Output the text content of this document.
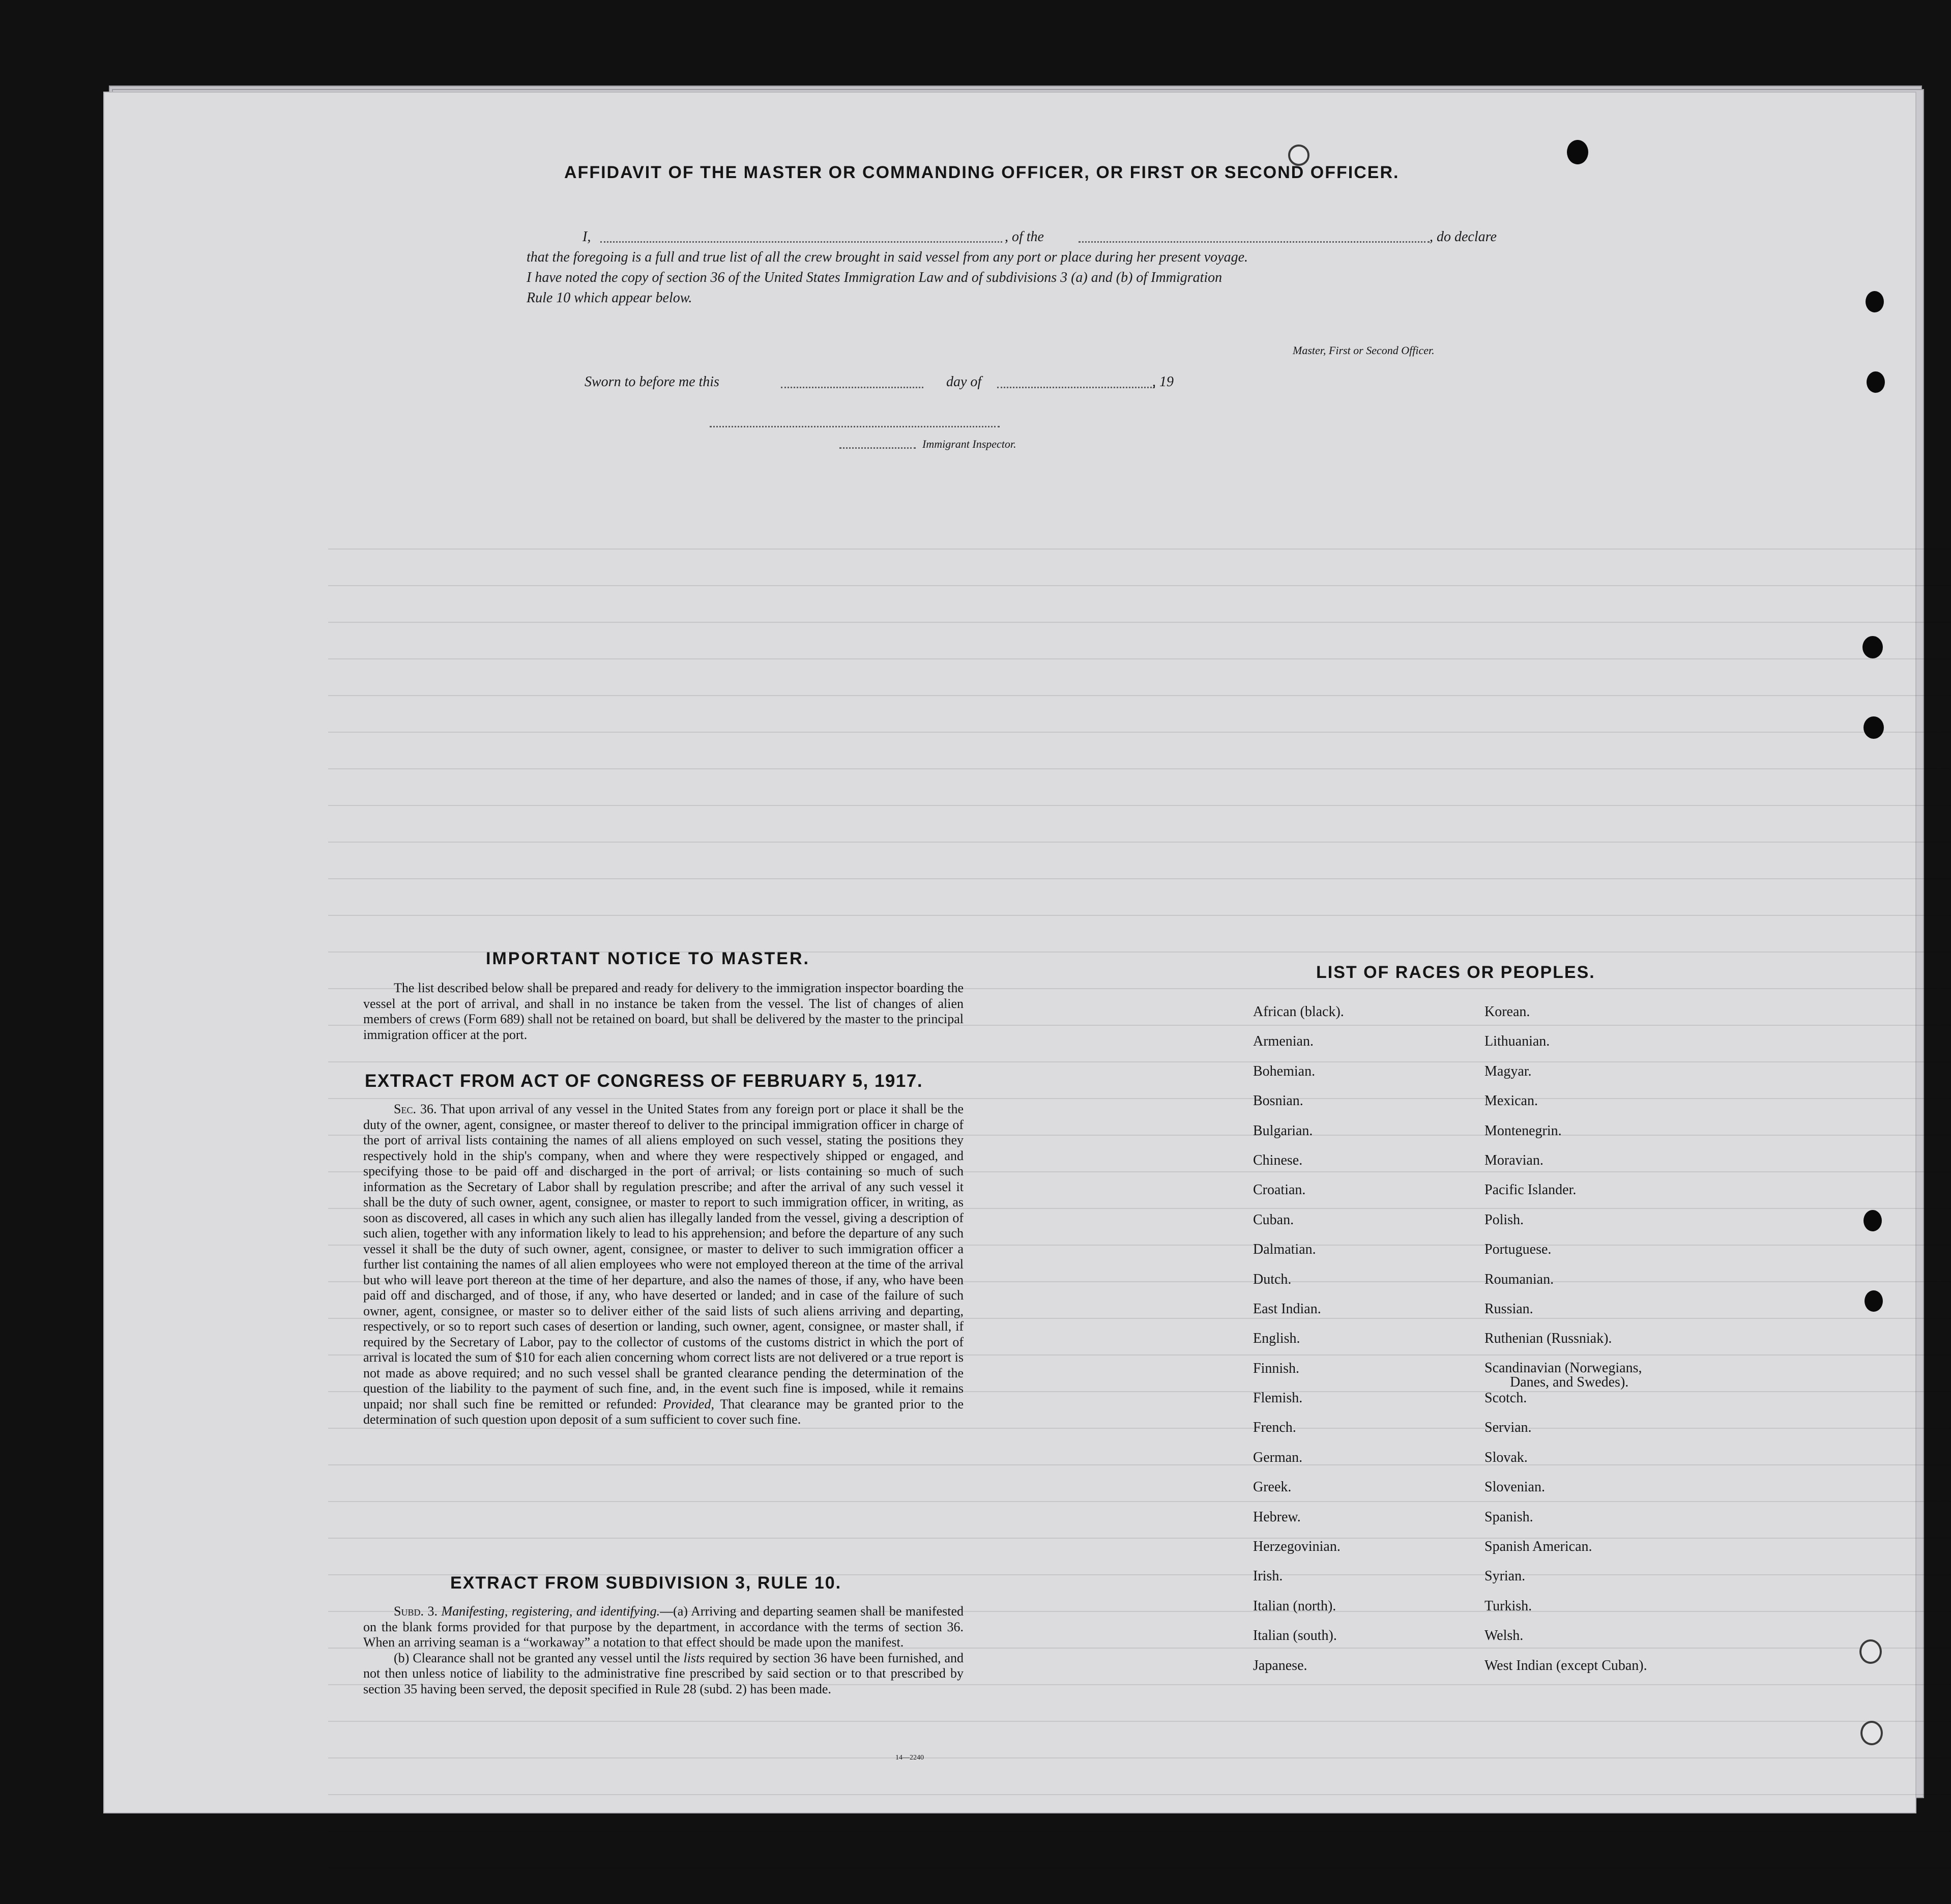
AFFIDAVIT OF THE MASTER OR COMMANDING OFFICER, OR FIRST OR SECOND OFFICER.
I,	, of the	, do declare
that the foregoing is a full and true list of all the crew brought in said vessel from any port or place during her present voyage.
I have noted the copy of section 36 of the United States Immigration Law and of subdivisions 3 (a) and (b) of Immigration
Rule 10 which appear below.
Master, First or Second Officer.
Sworn to before me this	day of	, 19
Immigrant Inspector.
IMPORTANT NOTICE TO MASTER.

The list described below shall be prepared and ready for delivery to the immigration inspector boarding the vessel at the port of arrival, and shall in no instance be taken from the vessel. The list of changes of alien members of crews (Form 689) shall not be retained on board, but shall be delivered by the master to the principal immigration officer at the port.

EXTRACT FROM ACT OF CONGRESS OF FEBRUARY 5, 1917.

Sec. 36. That upon arrival of any vessel in the United States from any foreign port or place it shall be the duty of the owner, agent, consignee, or master thereof to deliver to the principal immigration officer in charge of the port of arrival lists containing the names of all aliens employed on such vessel, stating the positions they respectively hold in the ship's company, when and where they were respectively shipped or engaged, and specifying those to be paid off and discharged in the port of arrival; or lists containing so much of such information as the Secretary of Labor shall by regulation prescribe; and after the arrival of any such vessel it shall be the duty of such owner, agent, consignee, or master to report to such immigration officer, in writing, as soon as discovered, all cases in which any such alien has illegally landed from the vessel, giving a description of such alien, together with any information likely to lead to his apprehension; and before the departure of any such vessel it shall be the duty of such owner, agent, consignee, or master to deliver to such immigration officer a further list containing the names of all alien employees who were not employed thereon at the time of the arrival but who will leave port thereon at the time of her departure, and also the names of those, if any, who have been paid off and discharged, and of those, if any, who have deserted or landed; and in case of the failure of such owner, agent, consignee, or master so to deliver either of the said lists of such aliens arriving and departing, respectively, or so to report such cases of desertion or landing, such owner, agent, consignee, or master shall, if required by the Secretary of Labor, pay to the collector of customs of the customs district in which the port of arrival is located the sum of $10 for each alien concerning whom correct lists are not delivered or a true report is not made as above required; and no such vessel shall be granted clearance pending the determination of the question of the liability to the payment of such fine, and, in the event such fine is imposed, while it remains unpaid; nor shall such fine be remitted or refunded: Provided, That clearance may be granted prior to the determination of such question upon deposit of a sum sufficient to cover such fine.

EXTRACT FROM SUBDIVISION 3, RULE 10.

Subd. 3. Manifesting, registering, and identifying.—(a) Arriving and departing seamen shall be manifested on the blank forms provided for that purpose by the department, in accordance with the terms of section 36. When an arriving seaman is a “workaway” a notation to that effect should be made upon the manifest.

(b) Clearance shall not be granted any vessel until the lists required by section 36 have been furnished, and not then unless notice of liability to the administrative fine prescribed by said section or to that prescribed by section 35 having been served, the deposit specified in Rule 28 (subd. 2) has been made.

14—2240
LIST OF RACES OR PEOPLES.
African (black).
Armenian.
Bohemian.
Bosnian.
Bulgarian.
Chinese.
Croatian.
Cuban.
Dalmatian.
Dutch.
East Indian.
English.
Finnish.
Flemish.
French.
German.
Greek.
Hebrew.
Herzegovinian.
Irish.
Italian (north).
Italian (south).
Japanese.
Korean.
Lithuanian.
Magyar.
Mexican.
Montenegrin.
Moravian.
Pacific Islander.
Polish.
Portuguese.
Roumanian.
Russian.
Ruthenian (Russniak).
Scandinavian (Norwegians,
Danes, and Swedes).
Scotch.
Servian.
Slovak.
Slovenian.
Spanish.
Spanish American.
Syrian.
Turkish.
Welsh.
West Indian (except Cuban).
